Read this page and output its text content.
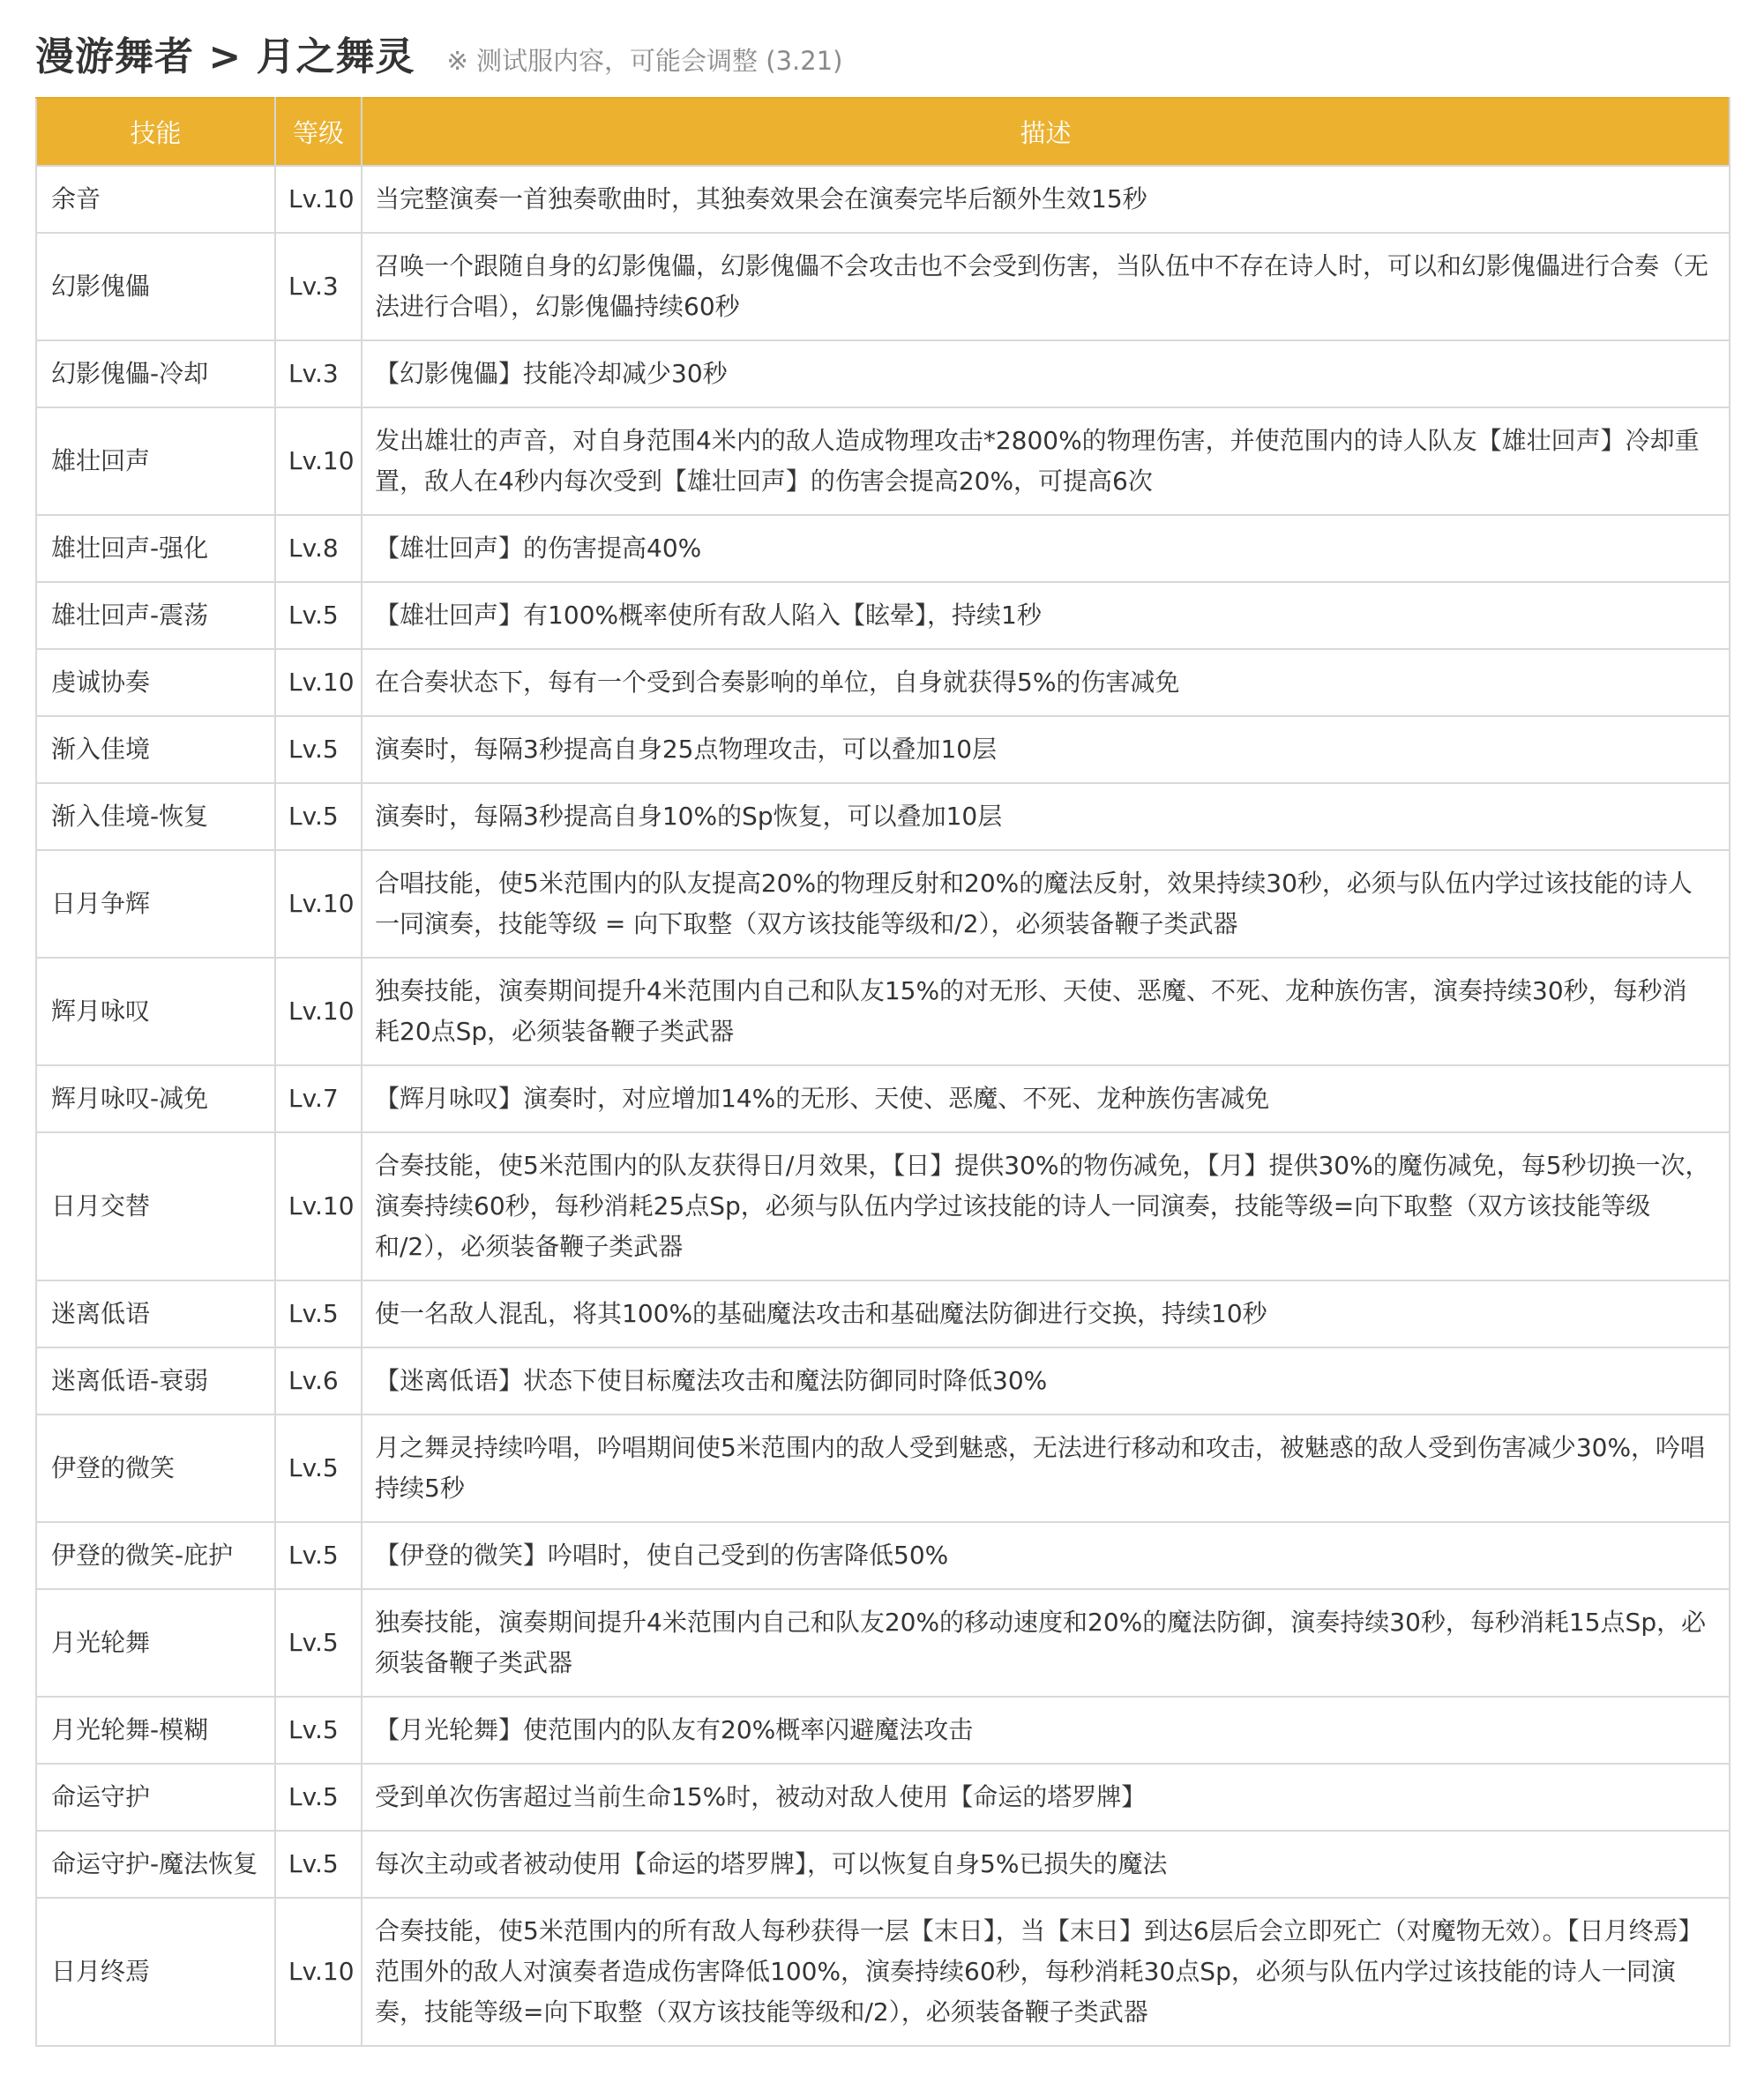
漫游舞者 > 月之舞灵 ※ 测试服内容，可能会调整 (3.21)
技能	等级	描述
余音	Lv.10	当完整演奏一首独奏歌曲时，其独奏效果会在演奏完毕后额外生效15秒
幻影傀儡	Lv.3	召唤一个跟随自身的幻影傀儡，幻影傀儡不会攻击也不会受到伤害，当队伍中不存在诗人时，可以和幻影傀儡进行合奏（无法进行合唱），幻影傀儡持续60秒
幻影傀儡-冷却	Lv.3	【幻影傀儡】技能冷却减少30秒
雄壮回声	Lv.10	发出雄壮的声音，对自身范围4米内的敌人造成物理攻击*2800%的物理伤害，并使范围内的诗人队友【雄壮回声】冷却重置，敌人在4秒内每次受到【雄壮回声】的伤害会提高20%，可提高6次
雄壮回声-强化	Lv.8	【雄壮回声】的伤害提高40%
雄壮回声-震荡	Lv.5	【雄壮回声】有100%概率使所有敌人陷入【眩晕】，持续1秒
虔诚协奏	Lv.10	在合奏状态下，每有一个受到合奏影响的单位，自身就获得5%的伤害减免
渐入佳境	Lv.5	演奏时，每隔3秒提高自身25点物理攻击，可以叠加10层
渐入佳境-恢复	Lv.5	演奏时，每隔3秒提高自身10%的Sp恢复，可以叠加10层
日月争辉	Lv.10	合唱技能，使5米范围内的队友提高20%的物理反射和20%的魔法反射，效果持续30秒，必须与队伍内学过该技能的诗人一同演奏，技能等级 = 向下取整（双方该技能等级和/2），必须装备鞭子类武器
辉月咏叹	Lv.10	独奏技能，演奏期间提升4米范围内自己和队友15%的对无形、天使、恶魔、不死、龙种族伤害，演奏持续30秒，每秒消耗20点Sp，必须装备鞭子类武器
辉月咏叹-减免	Lv.7	【辉月咏叹】演奏时，对应增加14%的无形、天使、恶魔、不死、龙种族伤害减免
日月交替	Lv.10	合奏技能，使5米范围内的队友获得日/月效果，【日】提供30%的物伤减免，【月】提供30%的魔伤减免，每5秒切换一次，演奏持续60秒，每秒消耗25点Sp，必须与队伍内学过该技能的诗人一同演奏，技能等级=向下取整（双方该技能等级和/2），必须装备鞭子类武器
迷离低语	Lv.5	使一名敌人混乱，将其100%的基础魔法攻击和基础魔法防御进行交换，持续10秒
迷离低语-衰弱	Lv.6	【迷离低语】状态下使目标魔法攻击和魔法防御同时降低30%
伊登的微笑	Lv.5	月之舞灵持续吟唱，吟唱期间使5米范围内的敌人受到魅惑，无法进行移动和攻击，被魅惑的敌人受到伤害减少30%，吟唱持续5秒
伊登的微笑-庇护	Lv.5	【伊登的微笑】吟唱时，使自己受到的伤害降低50%
月光轮舞	Lv.5	独奏技能，演奏期间提升4米范围内自己和队友20%的移动速度和20%的魔法防御，演奏持续30秒，每秒消耗15点Sp，必须装备鞭子类武器
月光轮舞-模糊	Lv.5	【月光轮舞】使范围内的队友有20%概率闪避魔法攻击
命运守护	Lv.5	受到单次伤害超过当前生命15%时，被动对敌人使用【命运的塔罗牌】
命运守护-魔法恢复	Lv.5	每次主动或者被动使用【命运的塔罗牌】，可以恢复自身5%已损失的魔法
日月终焉	Lv.10	合奏技能，使5米范围内的所有敌人每秒获得一层【末日】，当【末日】到达6层后会立即死亡（对魔物无效）。【日月终焉】范围外的敌人对演奏者造成伤害降低100%，演奏持续60秒，每秒消耗30点Sp，必须与队伍内学过该技能的诗人一同演奏，技能等级=向下取整（双方该技能等级和/2），必须装备鞭子类武器
